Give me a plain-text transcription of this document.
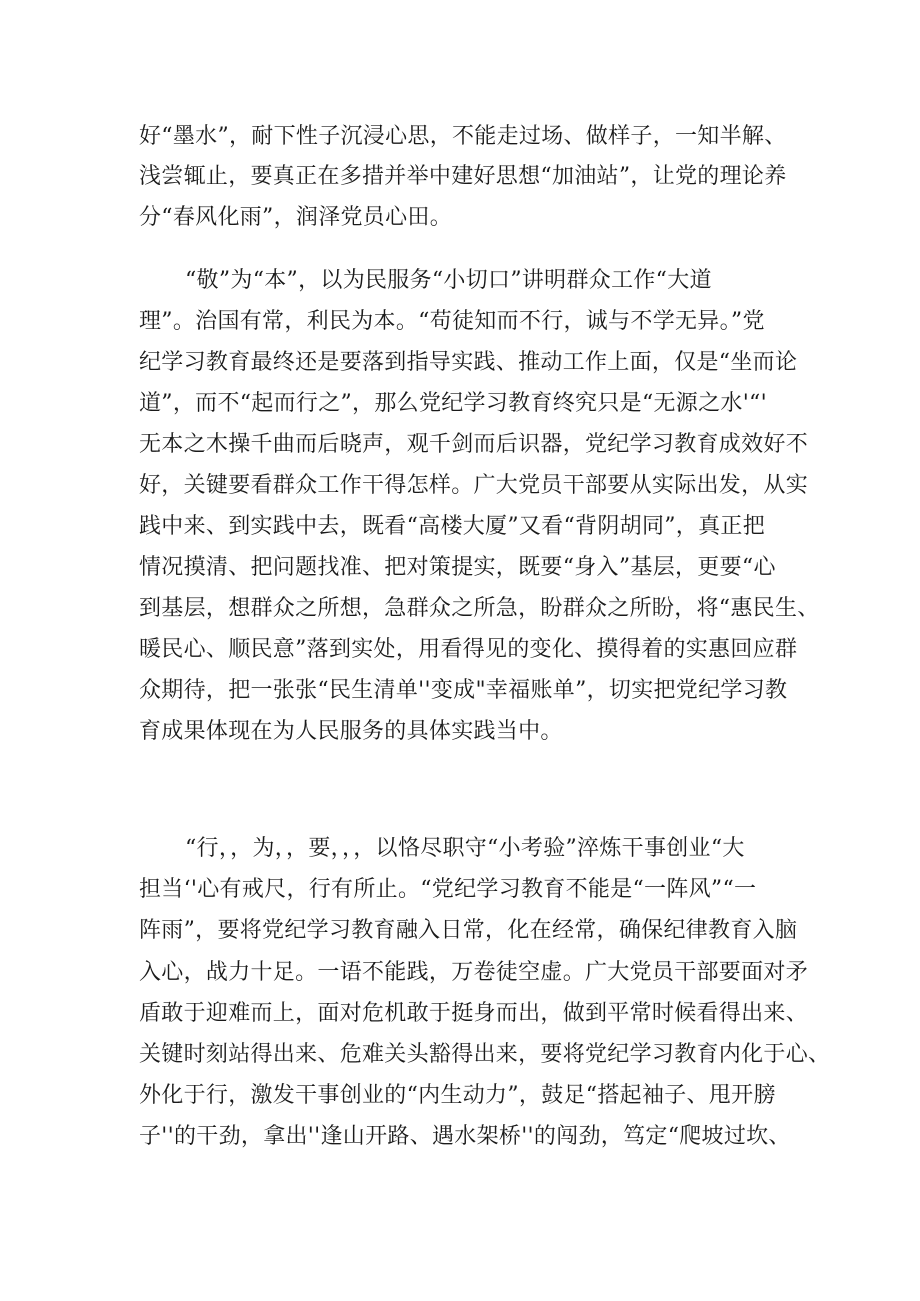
好“墨水”，耐下性子沉浸心思，不能走过场、做样子，一知半解、
浅尝辄止，要真正在多措并举中建好思想“加油站”，让党的理论养
分“春风化雨”，润泽党员心田。
“敬”为“本”，以为民服务“小切口”讲明群众工作“大道
理”。治国有常，利民为本。“苟徒知而不行，诚与不学无异。”党
纪学习教育最终还是要落到指导实践、推动工作上面，仅是“坐而论
道”，而不“起而行之”，那么党纪学习教育终究只是“无源之水'“'
无本之木操千曲而后晓声，观千剑而后识器，党纪学习教育成效好不
好，关键要看群众工作干得怎样。广大党员干部要从实际出发，从实
践中来、到实践中去，既看“高楼大厦”又看“背阴胡同”，真正把
情况摸清、把问题找准、把对策提实，既要“身入”基层，更要“心
到基层，想群众之所想，急群众之所急，盼群众之所盼，将“惠民生、
暖民心、顺民意”落到实处，用看得见的变化、摸得着的实惠回应群
众期待，把一张张“民生清单''变成"幸福账单”，切实把党纪学习教
育成果体现在为人民服务的具体实践当中。
“行，，为，，要，，，以恪尽职守“小考验”淬炼干事创业“大
担当‘'心有戒尺，行有所止。“党纪学习教育不能是“一阵风”“一
阵雨”，要将党纪学习教育融入日常，化在经常，确保纪律教育入脑
入心，战力十足。一语不能践，万卷徒空虚。广大党员干部要面对矛
盾敢于迎难而上，面对危机敢于挺身而出，做到平常时候看得出来、
关键时刻站得出来、危难关头豁得出来，要将党纪学习教育内化于心、
外化于行，激发干事创业的“内生动力”，鼓足“搭起袖子、甩开膀
子''的干劲，拿出''逢山开路、遇水架桥''的闯劲，笃定“爬坡过坎、
